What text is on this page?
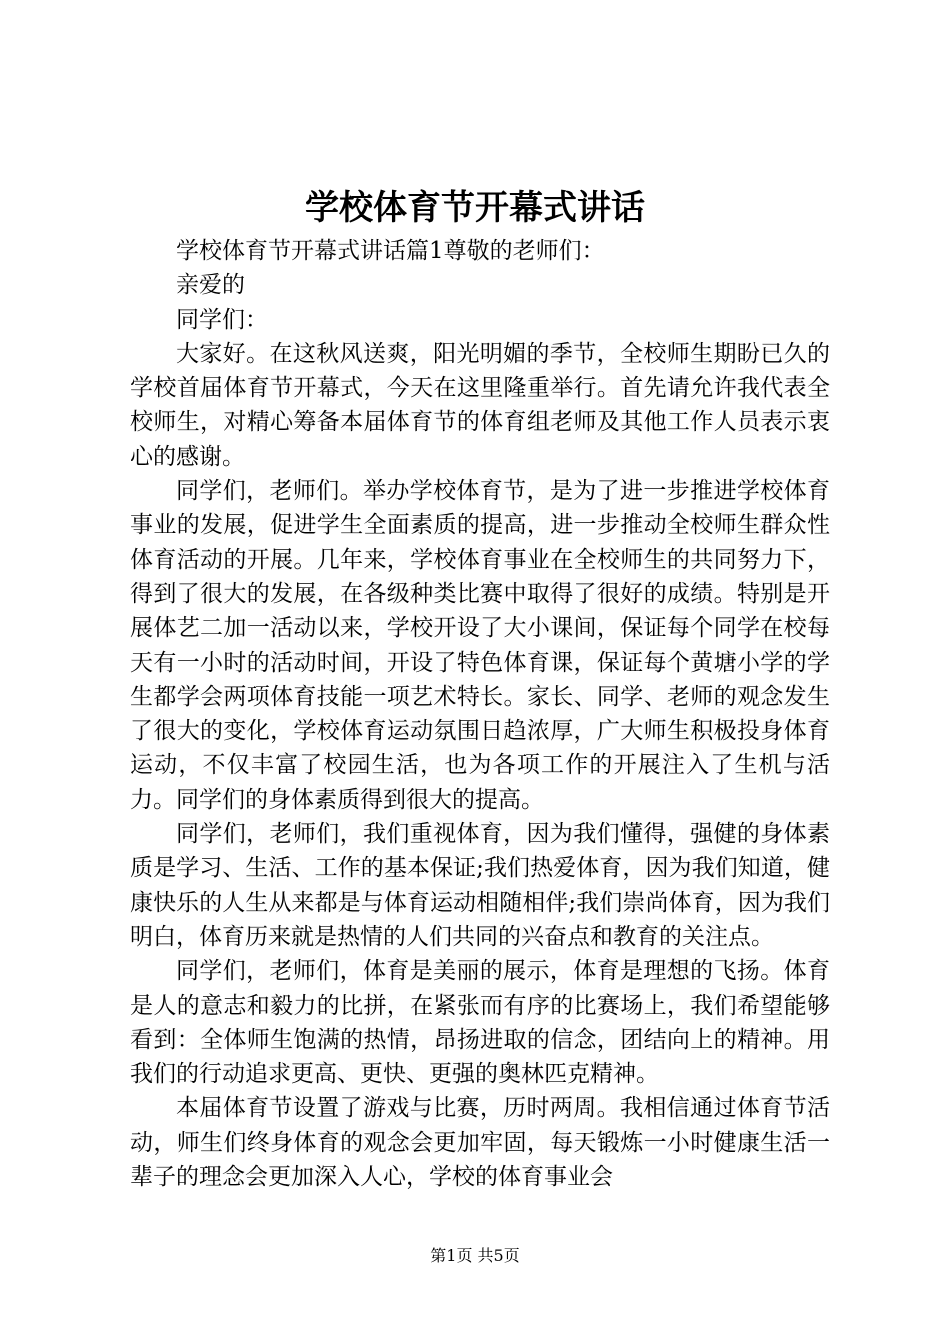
学校体育节开幕式讲话

学校体育节开幕式讲话篇1尊敬的老师们：

亲爱的

同学们：

大家好。在这秋风送爽，阳光明媚的季节，全校师生期盼已久的学校首届体育节开幕式，今天在这里隆重举行。首先请允许我代表全校师生，对精心筹备本届体育节的体育组老师及其他工作人员表示衷心的感谢。

同学们，老师们。举办学校体育节，是为了进一步推进学校体育事业的发展，促进学生全面素质的提高，进一步推动全校师生群众性体育活动的开展。几年来，学校体育事业在全校师生的共同努力下，得到了很大的发展，在各级种类比赛中取得了很好的成绩。特别是开展体艺二加一活动以来，学校开设了大小课间，保证每个同学在校每天有一小时的活动时间，开设了特色体育课，保证每个黄塘小学的学生都学会两项体育技能一项艺术特长。家长、同学、老师的观念发生了很大的变化，学校体育运动氛围日趋浓厚，广大师生积极投身体育运动，不仅丰富了校园生活，也为各项工作的开展注入了生机与活力。同学们的身体素质得到很大的提高。

同学们，老师们，我们重视体育，因为我们懂得，强健的身体素质是学习、生活、工作的基本保证;我们热爱体育，因为我们知道，健康快乐的人生从来都是与体育运动相随相伴;我们崇尚体育，因为我们明白，体育历来就是热情的人们共同的兴奋点和教育的关注点。

同学们，老师们，体育是美丽的展示，体育是理想的飞扬。体育是人的意志和毅力的比拼，在紧张而有序的比赛场上，我们希望能够看到：全体师生饱满的热情，昂扬进取的信念，团结向上的精神。用我们的行动追求更高、更快、更强的奥林匹克精神。

本届体育节设置了游戏与比赛，历时两周。我相信通过体育节活动，师生们终身体育的观念会更加牢固，每天锻炼一小时健康生活一辈子的理念会更加深入人心，学校的体育事业会

第1页 共5页
